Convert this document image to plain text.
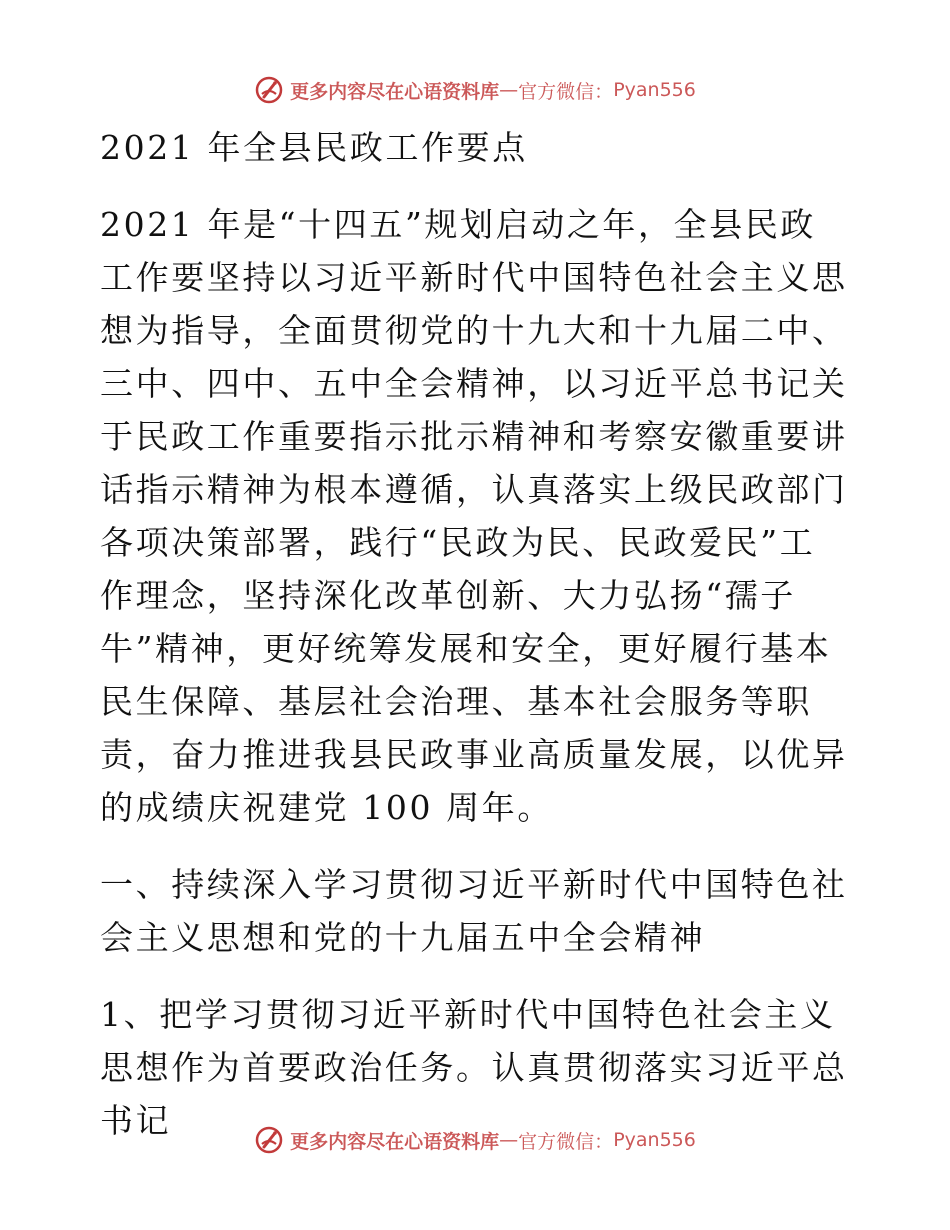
更多内容尽在心语资料库 — 官方微信： Pyan556

2021 年全县民政工作要点

2021 年是“十四五”规划启动之年，全县民政工作要坚持以习近平新时代中国特色社会主义思想为指导，全面贯彻党的十九大和十九届二中、三中、四中、五中全会精神，以习近平总书记关于民政工作重要指示批示精神和考察安徽重要讲话指示精神为根本遵循，认真落实上级民政部门各项决策部署，践行“民政为民、民政爱民”工作理念，坚持深化改革创新、大力弘扬“孺子牛”精神，更好统筹发展和安全，更好履行基本民生保障、基层社会治理、基本社会服务等职责，奋力推进我县民政事业高质量发展，以优异的成绩庆祝建党 100 周年。

一、持续深入学习贯彻习近平新时代中国特色社会主义思想和党的十九届五中全会精神

1、把学习贯彻习近平新时代中国特色社会主义思想作为首要政治任务。认真贯彻落实习近平总书记

更多内容尽在心语资料库 — 官方微信： Pyan556
